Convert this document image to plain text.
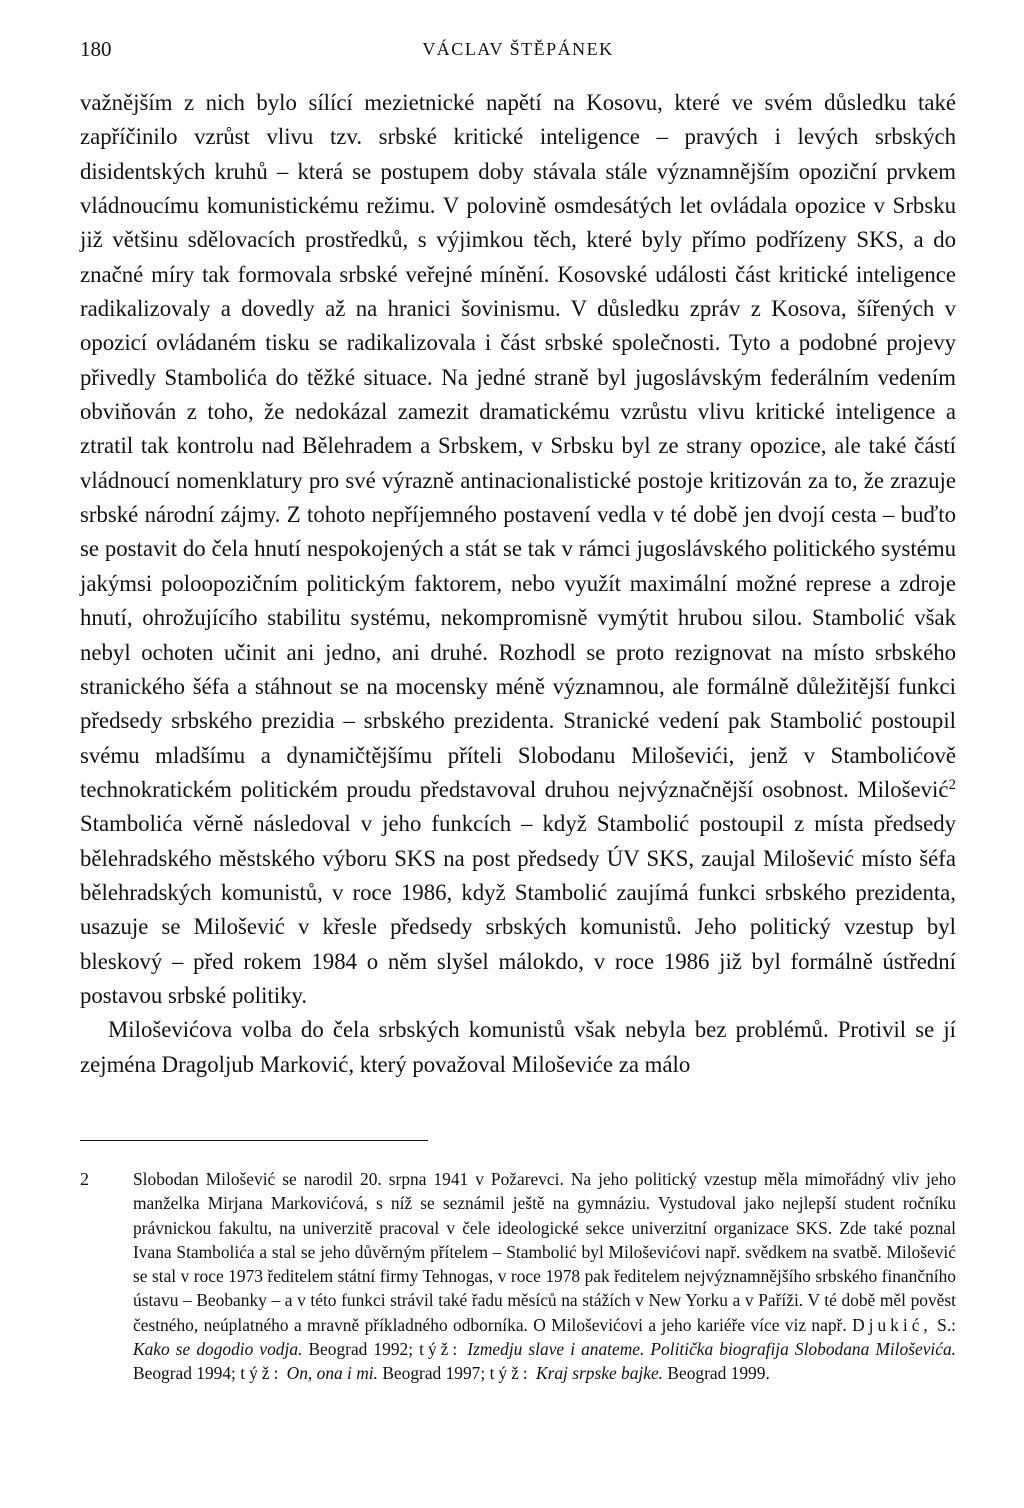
180	VÁCLAV ŠTĚPÁNEK

važnějším z nich bylo sílící mezietnické napětí na Kosovu, které ve svém důsledku také zapříčinilo vzrůst vlivu tzv. srbské kritické inteligence – pravých i levých srbských disidentských kruhů – která se postupem doby stávala stále významnějším opoziční prvkem vládnoucímu komunistickému režimu. V polovině osmdesátých let ovládala opozice v Srbsku již většinu sdělovacích prostředků, s výjimkou těch, které byly přímo podřízeny SKS, a do značné míry tak formovala srbské veřejné mínění. Kosovské události část kritické inteligence radikalizovaly a dovedly až na hranici šovinismu. V důsledku zpráv z Kosova, šířených v opozicí ovládaném tisku se radikalizovala i část srbské společnosti. Tyto a podobné projevy přivedly Stambolića do těžké situace. Na jedné straně byl jugoslávským federálním vedením obviňován z toho, že nedokázal zamezit dramatickému vzrůstu vlivu kritické inteligence a ztratil tak kontrolu nad Bělehradem a Srbskem, v Srbsku byl ze strany opozice, ale také částí vládnoucí nomenklatury pro své výrazně antinacionalistické postoje kritizován za to, že zrazuje srbské národní zájmy. Z tohoto nepříjemného postavení vedla v té době jen dvojí cesta – buďto se postavit do čela hnutí nespokojených a stát se tak v rámci jugoslávského politického systému jakýmsi poloopozičním politickým faktorem, nebo využít maximální možné represe a zdroje hnutí, ohrožujícího stabilitu systému, nekompromisně vymýtit hrubou silou. Stambolić však nebyl ochoten učinit ani jedno, ani druhé. Rozhodl se proto rezignovat na místo srbského stranického šéfa a stáhnout se na mocensky méně významnou, ale formálně důležitější funkci předsedy srbského prezidia – srbského prezidenta. Stranické vedení pak Stambolić postoupil svému mladšímu a dynamičtějšímu příteli Slobodanu Miloševići, jenž v Stambolićově technokratickém politickém proudu představoval druhou nejvýznačnější osobnost. Milošević$^2$ Stambolića věrně následoval v jeho funkcích – když Stambolić postoupil z místa předsedy bělehradského městského výboru SKS na post předsedy ÚV SKS, zaujal Milošević místo šéfa bělehradských komunistů, v roce 1986, když Stambolić zaujímá funkci srbského prezidenta, usazuje se Milošević v křesle předsedy srbských komunistů. Jeho politický vzestup byl bleskový – před rokem 1984 o něm slyšel málokdo, v roce 1986 již byl formálně ústřední postavou srbské politiky.

Miloševićova volba do čela srbských komunistů však nebyla bez problémů. Protivil se jí zejména Dragoljub Marković, který považoval Miloševiće za málo

2	Slobodan Milošević se narodil 20. srpna 1941 v Požarevci. Na jeho politický vzestup měla mimořádný vliv jeho manželka Mirjana Markovićová, s níž se seznámil ještě na gymnáziu. Vystudoval jako nejlepší student ročníku právnickou fakultu, na univerzitě pracoval v čele ideologické sekce univerzitní organizace SKS. Zde také poznal Ivana Stambolića a stal se jeho důvěrným přítelem – Stambolić byl Miloševićovi např. svědkem na svatbě. Milošević se stal v roce 1973 ředitelem státní firmy Tehnogas, v roce 1978 pak ředitelem nejvýznamnějšího srbského finančního ústavu – Beobanky – a v této funkci strávil také řadu měsíců na stážích v New Yorku a v Paříži. V té době měl pověst čestného, neúplatného a mravně příkladného odborníka. O Miloševićovi a jeho kariéře více viz např. Djukić, S.: Kako se dogodio vodja. Beograd 1992; týž: Izmedju slave i anateme. Politička biografija Slobodana Miloševića. Beograd 1994; týž: On, ona i mi. Beograd 1997; týž: Kraj srpske bajke. Beograd 1999.
